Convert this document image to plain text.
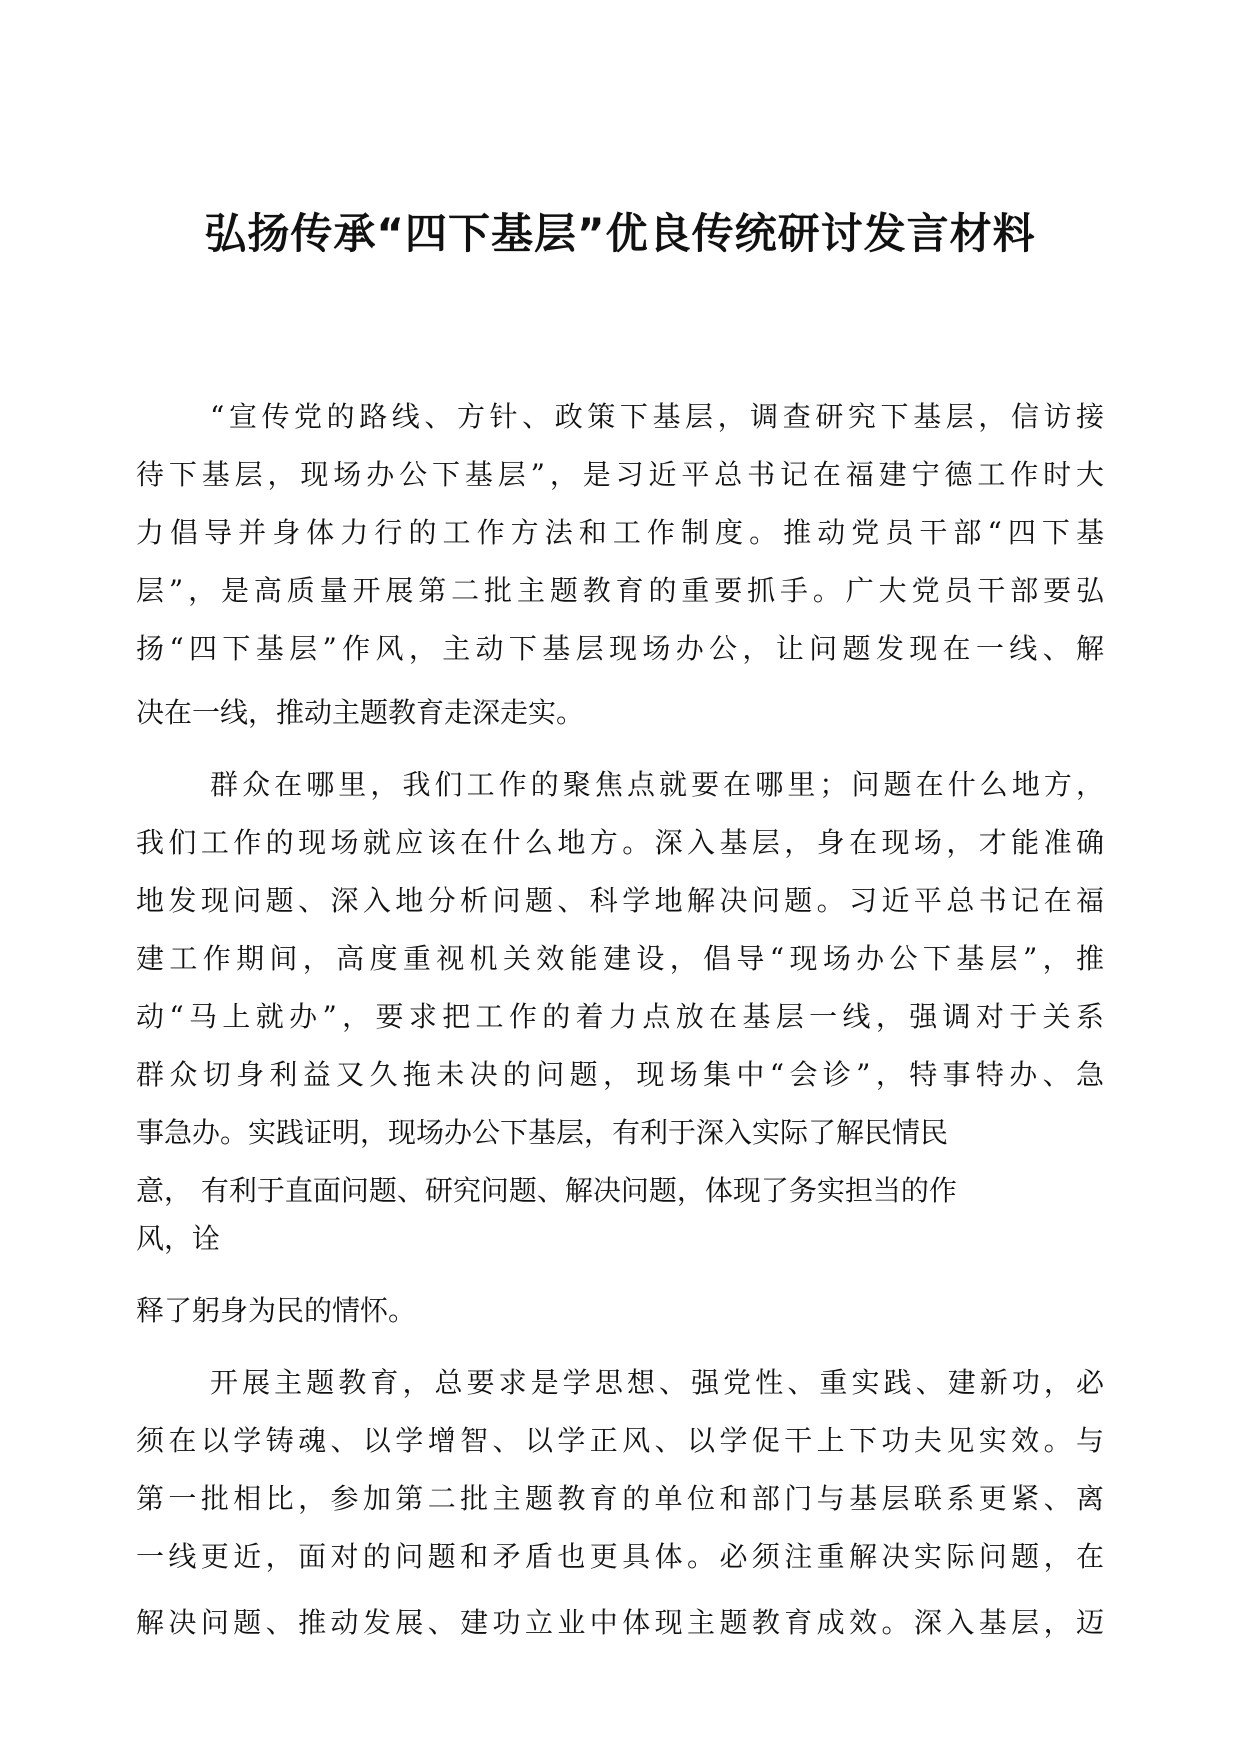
弘扬传承“四下基层”优良传统研讨发言材料
“宣传党的路线、方针、政策下基层，调查研究下基层，信访接
待下基层，现场办公下基层”，是习近平总书记在福建宁德工作时大
力倡导并身体力行的工作方法和工作制度。推动党员干部“四下基
层”，是高质量开展第二批主题教育的重要抓手。广大党员干部要弘
扬“四下基层”作风，主动下基层现场办公，让问题发现在一线、解
决在一线，推动主题教育走深走实。
群众在哪里，我们工作的聚焦点就要在哪里；问题在什么地方，
我们工作的现场就应该在什么地方。深入基层，身在现场，才能准确
地发现问题、深入地分析问题、科学地解决问题。习近平总书记在福
建工作期间，高度重视机关效能建设，倡导“现场办公下基层”，推
动“马上就办”，要求把工作的着力点放在基层一线，强调对于关系
群众切身利益又久拖未决的问题，现场集中“会诊”，特事特办、急
事急办。实践证明，现场办公下基层，有利于深入实际了解民情民
意， 有利于直面问题、研究问题、解决问题，体现了务实担当的作
风，诠
释了躬身为民的情怀。
开展主题教育，总要求是学思想、强党性、重实践、建新功，必
须在以学铸魂、以学增智、以学正风、以学促干上下功夫见实效。与
第一批相比，参加第二批主题教育的单位和部门与基层联系更紧、离
一线更近，面对的问题和矛盾也更具体。必须注重解决实际问题，在
解决问题、推动发展、建功立业中体现主题教育成效。深入基层，迈
